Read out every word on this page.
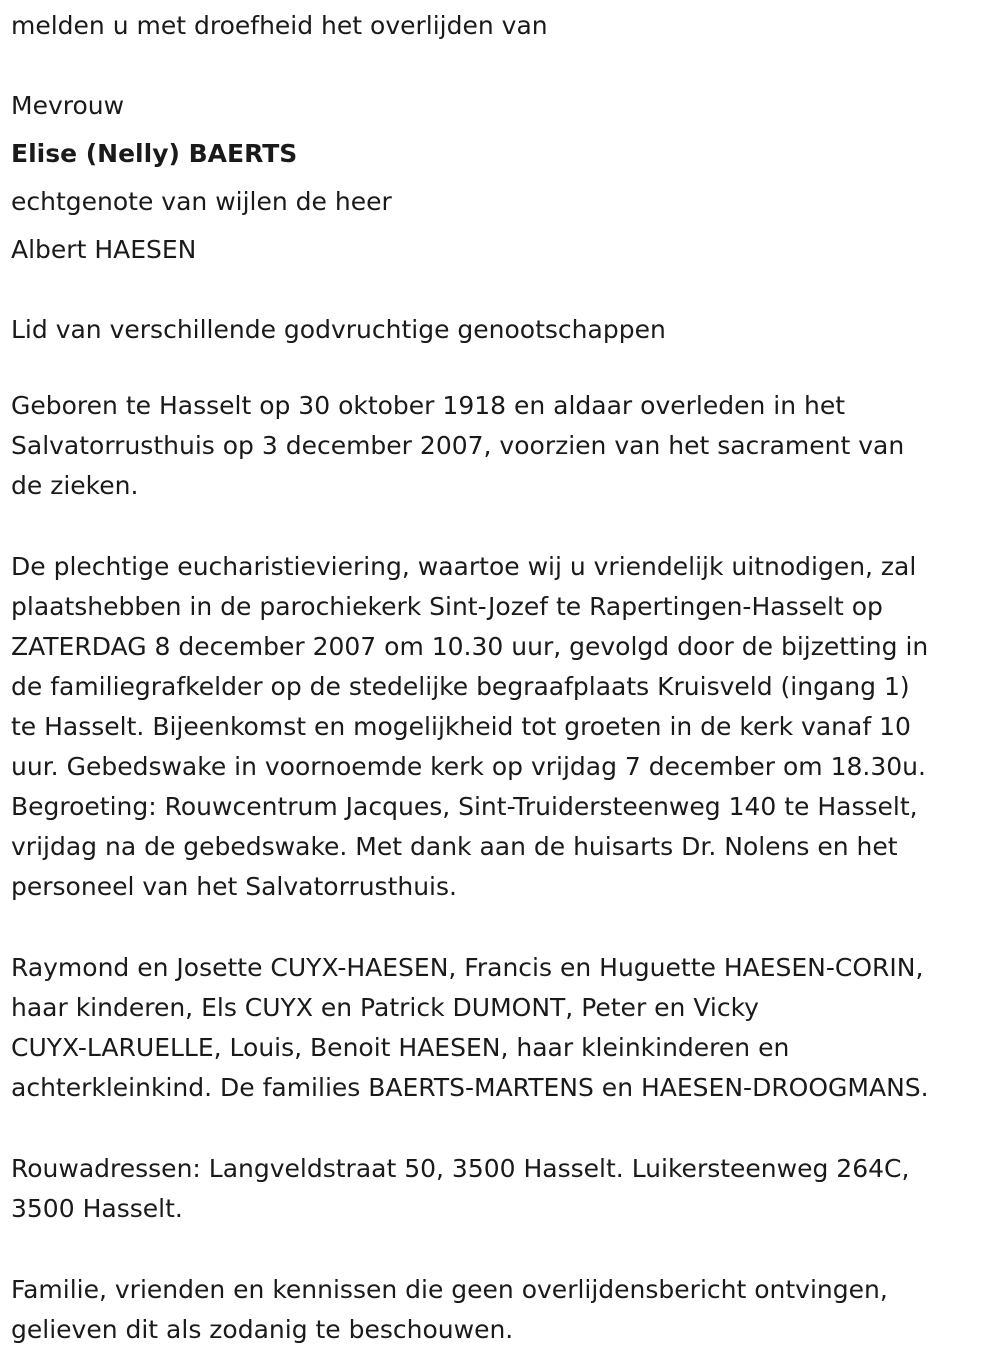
melden u met droefheid het overlijden van

Mevrouw

Elise (Nelly) BAERTS

echtgenote van wijlen de heer

Albert HAESEN

Lid van verschillende godvruchtige genootschappen

Geboren te Hasselt op 30 oktober 1918 en aldaar overleden in het
Salvatorrusthuis op 3 december 2007, voorzien van het sacrament van
de zieken.
De plechtige eucharistieviering, waartoe wij u vriendelijk uitnodigen, zal
plaatshebben in de parochiekerk Sint-Jozef te Rapertingen-Hasselt op
ZATERDAG 8 december 2007 om 10.30 uur, gevolgd door de bijzetting in
de familiegrafkelder op de stedelijke begraafplaats Kruisveld (ingang 1)
te Hasselt. Bijeenkomst en mogelijkheid tot groeten in de kerk vanaf 10
uur. Gebedswake in voornoemde kerk op vrijdag 7 december om 18.30u.
Begroeting: Rouwcentrum Jacques, Sint-Truidersteenweg 140 te Hasselt,
vrijdag na de gebedswake. Met dank aan de huisarts Dr. Nolens en het
personeel van het Salvatorrusthuis.
Raymond en Josette CUYX-HAESEN, Francis en Huguette HAESEN-CORIN,
haar kinderen, Els CUYX en Patrick DUMONT, Peter en Vicky
CUYX-LARUELLE, Louis, Benoit HAESEN, haar kleinkinderen en
achterkleinkind. De families BAERTS-MARTENS en HAESEN-DROOGMANS.
Rouwadressen: Langveldstraat 50, 3500 Hasselt. Luikersteenweg 264C,
3500 Hasselt.
Familie, vrienden en kennissen die geen overlijdensbericht ontvingen,
gelieven dit als zodanig te beschouwen.
